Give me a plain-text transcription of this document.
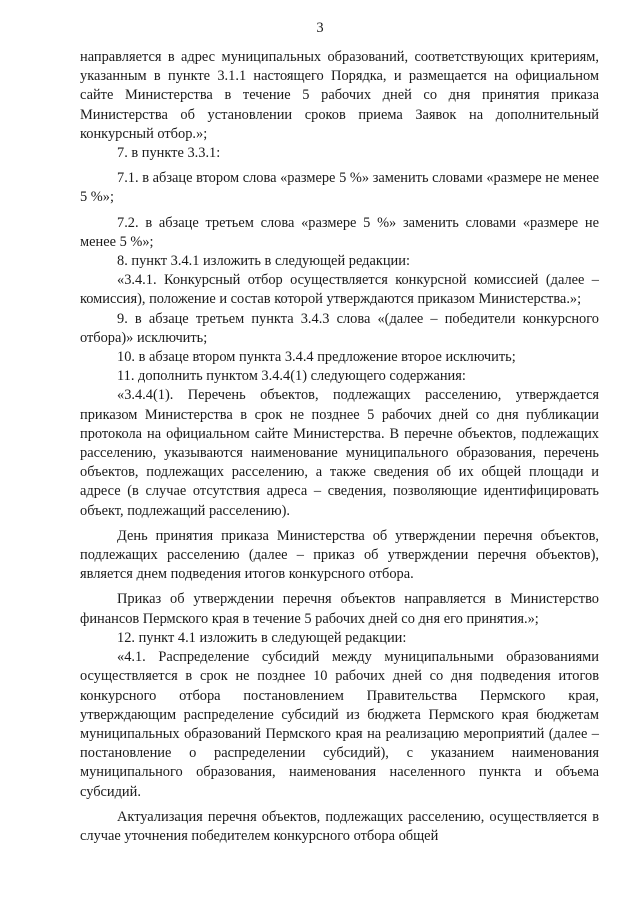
3

направляется в адрес муниципальных образований, соответствующих критериям, указанным в пункте 3.1.1 настоящего Порядка, и размещается на официальном сайте Министерства в течение 5 рабочих дней со дня принятия приказа Министерства об установлении сроков приема Заявок на дополнительный конкурсный отбор.»;

7. в пункте 3.3.1:

7.1. в абзаце втором слова «размере 5 %» заменить словами «размере не менее 5 %»;

7.2. в абзаце третьем слова «размере 5 %» заменить словами «размере не менее 5 %»;

8. пункт 3.4.1 изложить в следующей редакции:

«3.4.1. Конкурсный отбор осуществляется конкурсной комиссией (далее – комиссия), положение и состав которой утверждаются приказом Министерства.»;

9. в абзаце третьем пункта 3.4.3 слова «(далее – победители конкурсного отбора)» исключить;

10. в абзаце втором пункта 3.4.4 предложение второе исключить;

11. дополнить пунктом 3.4.4(1) следующего содержания:

«3.4.4(1). Перечень объектов, подлежащих расселению, утверждается приказом Министерства в срок не позднее 5 рабочих дней со дня публикации протокола на официальном сайте Министерства. В перечне объектов, подлежащих расселению, указываются наименование муниципального образования, перечень объектов, подлежащих расселению, а также сведения об их общей площади и адресе (в случае отсутствия адреса – сведения, позволяющие идентифицировать объект, подлежащий расселению).

День принятия приказа Министерства об утверждении перечня объектов, подлежащих расселению (далее – приказ об утверждении перечня объектов), является днем подведения итогов конкурсного отбора.

Приказ об утверждении перечня объектов направляется в Министерство финансов Пермского края в течение 5 рабочих дней со дня его принятия.»;

12. пункт 4.1 изложить в следующей редакции:

«4.1. Распределение субсидий между муниципальными образованиями осуществляется в срок не позднее 10 рабочих дней со дня подведения итогов конкурсного отбора постановлением Правительства Пермского края, утверждающим распределение субсидий из бюджета Пермского края бюджетам муниципальных образований Пермского края на реализацию мероприятий (далее – постановление о распределении субсидий), с указанием наименования муниципального образования, наименования населенного пункта и объема субсидий.

Актуализация перечня объектов, подлежащих расселению, осуществляется в случае уточнения победителем конкурсного отбора общей
